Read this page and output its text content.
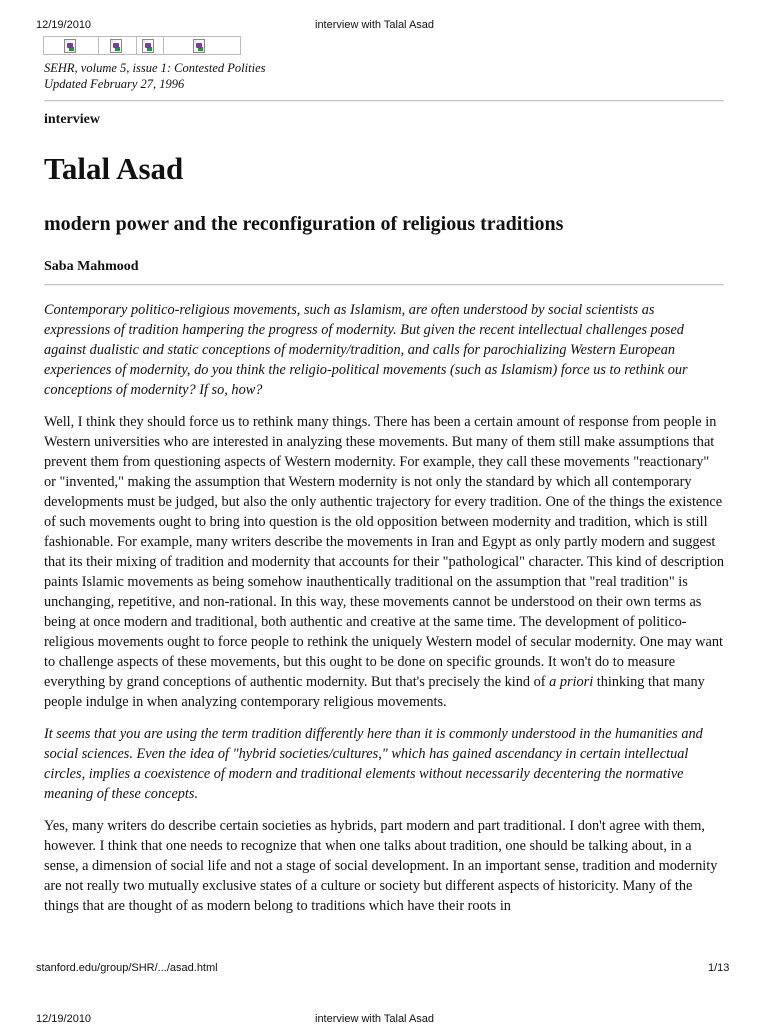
12/19/2010	interview with Talal Asad
SEHR, volume 5, issue 1: Contested Polities
Updated February 27, 1996
interview
Talal Asad
modern power and the reconfiguration of religious traditions
Saba Mahmood

Contemporary politico-religious movements, such as Islamism, are often understood by social scientists as expressions of tradition hampering the progress of modernity. But given the recent intellectual challenges posed against dualistic and static conceptions of modernity/tradition, and calls for parochializing Western European experiences of modernity, do you think the religio-political movements (such as Islamism) force us to rethink our conceptions of modernity? If so, how?

Well, I think they should force us to rethink many things. There has been a certain amount of response from people in Western universities who are interested in analyzing these movements. But many of them still make assumptions that prevent them from questioning aspects of Western modernity. For example, they call these movements "reactionary" or "invented," making the assumption that Western modernity is not only the standard by which all contemporary developments must be judged, but also the only authentic trajectory for every tradition. One of the things the existence of such movements ought to bring into question is the old opposition between modernity and tradition, which is still fashionable. For example, many writers describe the movements in Iran and Egypt as only partly modern and suggest that its their mixing of tradition and modernity that accounts for their "pathological" character. This kind of description paints Islamic movements as being somehow inauthentically traditional on the assumption that "real tradition" is unchanging, repetitive, and non-rational. In this way, these movements cannot be understood on their own terms as being at once modern and traditional, both authentic and creative at the same time. The development of politico-religious movements ought to force people to rethink the uniquely Western model of secular modernity. One may want to challenge aspects of these movements, but this ought to be done on specific grounds. It won't do to measure everything by grand conceptions of authentic modernity. But that's precisely the kind of a priori thinking that many people indulge in when analyzing contemporary religious movements.

It seems that you are using the term tradition differently here than it is commonly understood in the humanities and social sciences. Even the idea of "hybrid societies/cultures," which has gained ascendancy in certain intellectual circles, implies a coexistence of modern and traditional elements without necessarily decentering the normative meaning of these concepts.

Yes, many writers do describe certain societies as hybrids, part modern and part traditional. I don't agree with them, however. I think that one needs to recognize that when one talks about tradition, one should be talking about, in a sense, a dimension of social life and not a stage of social development. In an important sense, tradition and modernity are not really two mutually exclusive states of a culture or society but different aspects of historicity. Many of the things that are thought of as modern belong to traditions which have their roots in

stanford.edu/group/SHR/.../asad.html	1/13
12/19/2010	interview with Talal Asad
